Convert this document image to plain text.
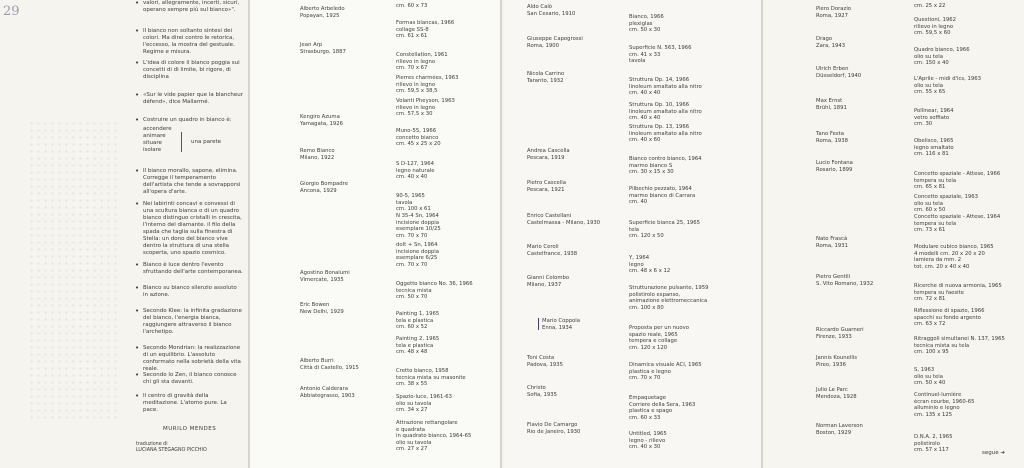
29
• valori, allegramente, incerti, sicuri, operano sempre più sul bianco»".
• Il bianco non soltanto sintesi dei colori. Ma direi contro le retorica, l'eccesso, la mostra del gestuale. Regime e misura.
• L'idea di colore il bianco poggia sui concetti di di limite, bi rigore, di disciplina
• «Sur le vide papier que la blancheur défend», dice Mallarmé.
• Costruire un quadro in bianco è:
accendere
animare
situare
isolare
una parete
• Il bianco morallo, sapone, elimina. Corregge il temperamento dell'artista che tende a sovrapporsi all'opera d'arte.
• Nei labirinti concavi e convessi di una scultura bianca o di un quadro bianco distinguo cristalli in crescita, l'interno del diamante. il filo della spada che taglia sulla finestra di Stella: un dono del bianco vive dentro la struttura di una stella scoperta, uno spazio cosmico.
• Bianco è luce dentro l'evento sfruttando dell'arte contemporanea.
• Bianco su bianco silenzio assoluto in azione.
• Secondo Klee: la infinita gradazione del bianco, l'energia bianca, raggiungere attraverso il bianco l'archetipo.
• Secondo Mondrian: la realizzazione di un equilibrio. L'assoluto conformato nella sobrietà della vita reale.
• Secondo lo Zen, il bianco conosce chi gli sta davanti.
• Il centro di gravità della meditazione. L'atomo pure. La pace.
MURILO MENDES
traduzione di
LUCIANA STEGAGNO PICCHIO
Alberto Arbeledo
Popayan, 1925
Jean Arp
Strasburgo, 1887
Kengiro Azuma
Yamagata, 1926
Remo Bianco
Milano, 1922
Giorgio Bompadre
Ancona, 1929
Agostino Bonalumi
Vimercate, 1935
Eric Bowen
New Delhi, 1929
Alberto Burri
Città di Castello, 1915
Antonio Calderara
Abbiategrasso, 1903
cm. 60 x 73
Formas blancas, 1966
collage SS-8
cm. 61 x 61
Constellation, 1961
rilievo in legno
cm. 70 x 67
Pierres charmées, 1963
rilievo in legno
cm. 59,5 x 38,5
Volanti Pheyson, 1963
rilievo in legno
cm. 57,5 x 30
Muno-55, 1966
concetto bianco
cm. 45 x 25 x 20
S D-127, 1964
legno naturale
cm. 40 x 40
90-5, 1965
tavola
cm. 100 x 61
N 35-4 Sn, 1964
incisione doppia
esemplare 10/25
cm. 70 x 70
dolt + Sn, 1964
incisione doppia
esemplare 6/25
cm. 70 x 70
Oggetto bianco No. 36, 1966
tecnica mista
cm. 50 x 70
Painting 1, 1965
tela e plastica
cm. 60 x 52
Painting 2, 1965
tela e plastica
cm. 48 x 48
Cretto bianco, 1958
tecnica mista su masonite
cm. 38 x 55
Spazio-luce, 1961-63
olio su tavola
cm. 34 x 27
Attrazione rettangolare
e quadrata
in quadrato bianco, 1964-65
olio su tavola
cm. 27 x 27
Aldo Calò
San Cesario, 1910
Giuseppe Capogrossi
Roma, 1900
Nicola Carrino
Taranto, 1932
Andrea Cascella
Pescara, 1919
Pietro Cascella
Pescara, 1921
Enrico Castellani
Castelmassa - Milano, 1930
Mario Ceroli
Castelfrance, 1938
Gianni Colombo
Milano, 1937
Mario Coppola
Enna, 1934
Toni Costa
Padova, 1935
Christo
Sofia, 1935
Flavio De Camargo
Rio de Janeiro, 1930
Bianco, 1966
plexiglas
cm. 50 x 30
Superficie N. 563, 1966
cm. 41 x 33
tavola
Struttura Op. 14, 1966
linoleum smaltato alla nitro
cm. 40 x 40
Struttura Op. 10, 1966
linoleum smaltato alla nitro
cm. 40 x 40
Struttura Op. 13, 1966
linoleum smaltato alla nitro
cm. 40 x 60
Bianco contro bianco, 1964
marmo bianco S
cm. 30 x 15 x 30
Pilbechio pezzato, 1964
marmo bianco di Carrara
cm. 40
Superficie bianca 25, 1965
tela
cm. 120 x 50
Y, 1964
legno
cm. 48 x 6 x 12
Strutturazione pulsante, 1959
polistirolo espanso,
animazione elettromeccanica
cm. 100 x 80
Proposta per un nuovo
spazio reale, 1965
tempera e collage
cm. 120 x 120
Dinamica visuale ACI, 1965
plastica e legno
cm. 70 x 70
Empaquetage
Corriere della Sera, 1963
plastica e spago
cm. 60 x 33
Untitled, 1965
legno - rilievo
cm. 40 x 30
Piero Dorazio
Roma, 1927
Drago
Zara, 1943
Ulrich Erben
Düsseldorf, 1940
Max Ernst
Brühl, 1891
Tano Festa
Roma, 1938
Lucio Fontana
Rosario, 1899
Nato Frascà
Roma, 1931
Pietro Gentili
S. Vito Romano, 1932
Riccardo Guarneri
Firenze, 1933
Jannis Kounellis
Pireo, 1936
Julio Le Parc
Mendoza, 1928
Norman Laverson
Boston, 1929
cm. 25 x 22
Questioni, 1962
rilievo in legno
cm. 59,5 x 60
Quadro bianco, 1966
olio su tela
cm. 150 x 40
L'Aprile - midi d'ics, 1963
olio su tela
cm. 55 x 65
Pollinear, 1964
vetro soffiato
cm. 30
Obelisco, 1965
legno smaltato
cm. 116 x 81
Concetto spaziale - Attese, 1966
tempera su tela
cm. 65 x 81
Concetto spaziale, 1963
olio su tela
cm. 60 x 50
Concetto spaziale - Attese, 1964
tempera su tela
cm. 73 x 61
Modulare cubico bianco, 1965
4 modelli cm. 20 x 20 x 20
lamiera da mm. 2
tot. cm. 20 x 40 x 40
Ricerche di nuova armonia, 1965
tempera su faesite
cm. 72 x 81
Riflessione di spazio, 1966
spacchi su fondo argento
cm. 63 x 72
Ritraggoli simultanei N. 137, 1965
tecnica mista su tela
cm. 100 x 95
S, 1963
olio su tela
cm. 50 x 40
Continuel-lumière
écran courbe, 1960-65
alluminio e legno
cm. 135 x 125
D.N.A. 2, 1965
polistirolo
cm. 57 x 117	segue ➔
